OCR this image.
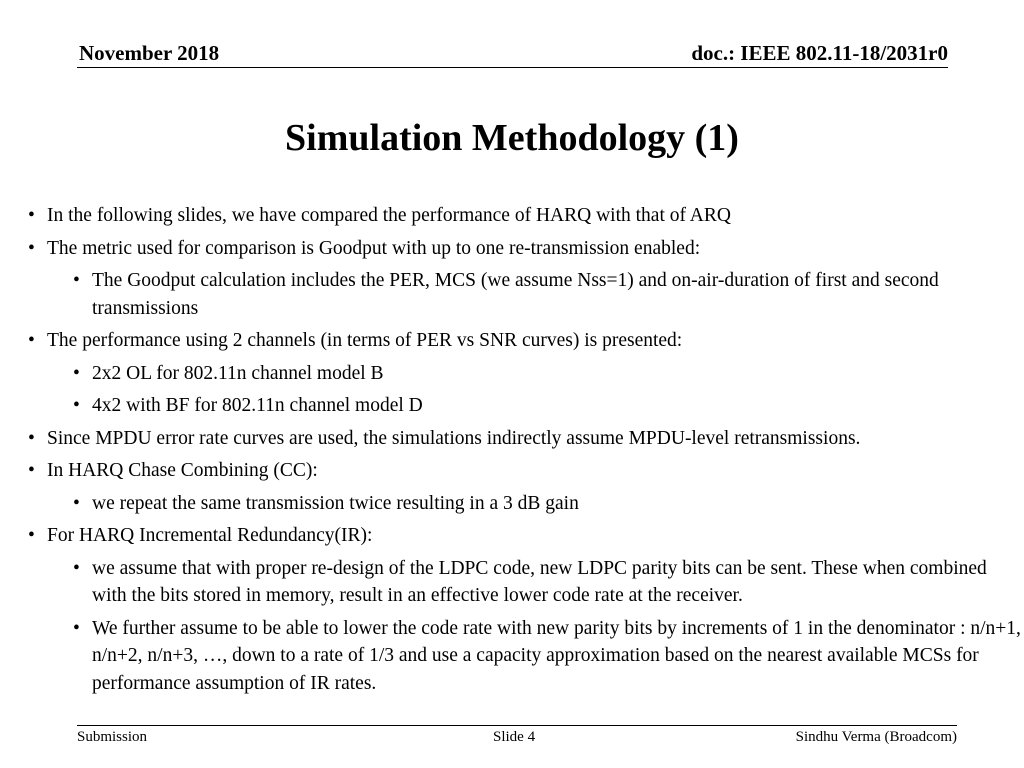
November 2018	doc.: IEEE 802.11-18/2031r0
Simulation Methodology (1)

• In the following slides, we have compared the performance of HARQ with that of ARQ

• The metric used for comparison is Goodput with up to one re-transmission enabled:

• The Goodput calculation includes the PER, MCS (we assume Nss=1) and on-air-duration of first and second transmissions

• The performance using 2 channels (in terms of PER vs SNR curves) is presented:

• 2x2 OL for 802.11n channel model B

• 4x2 with BF for 802.11n channel model D

• Since MPDU error rate curves are used, the simulations indirectly assume MPDU-level retransmissions.

• In HARQ Chase Combining (CC):

• we repeat the same transmission twice resulting in a 3 dB gain

• For HARQ Incremental Redundancy(IR):

• we assume that with proper re-design of the LDPC code, new LDPC parity bits can be sent. These when combined with the bits stored in memory, result in an effective lower code rate at the receiver.

• We further assume to be able to lower the code rate with new parity bits by increments of 1 in the denominator : n/n+1, n/n+2, n/n+3, …, down to a rate of 1/3 and use a capacity approximation based on the nearest available MCSs for performance assumption of IR rates.

Submission	Slide 4	Sindhu Verma (Broadcom)
